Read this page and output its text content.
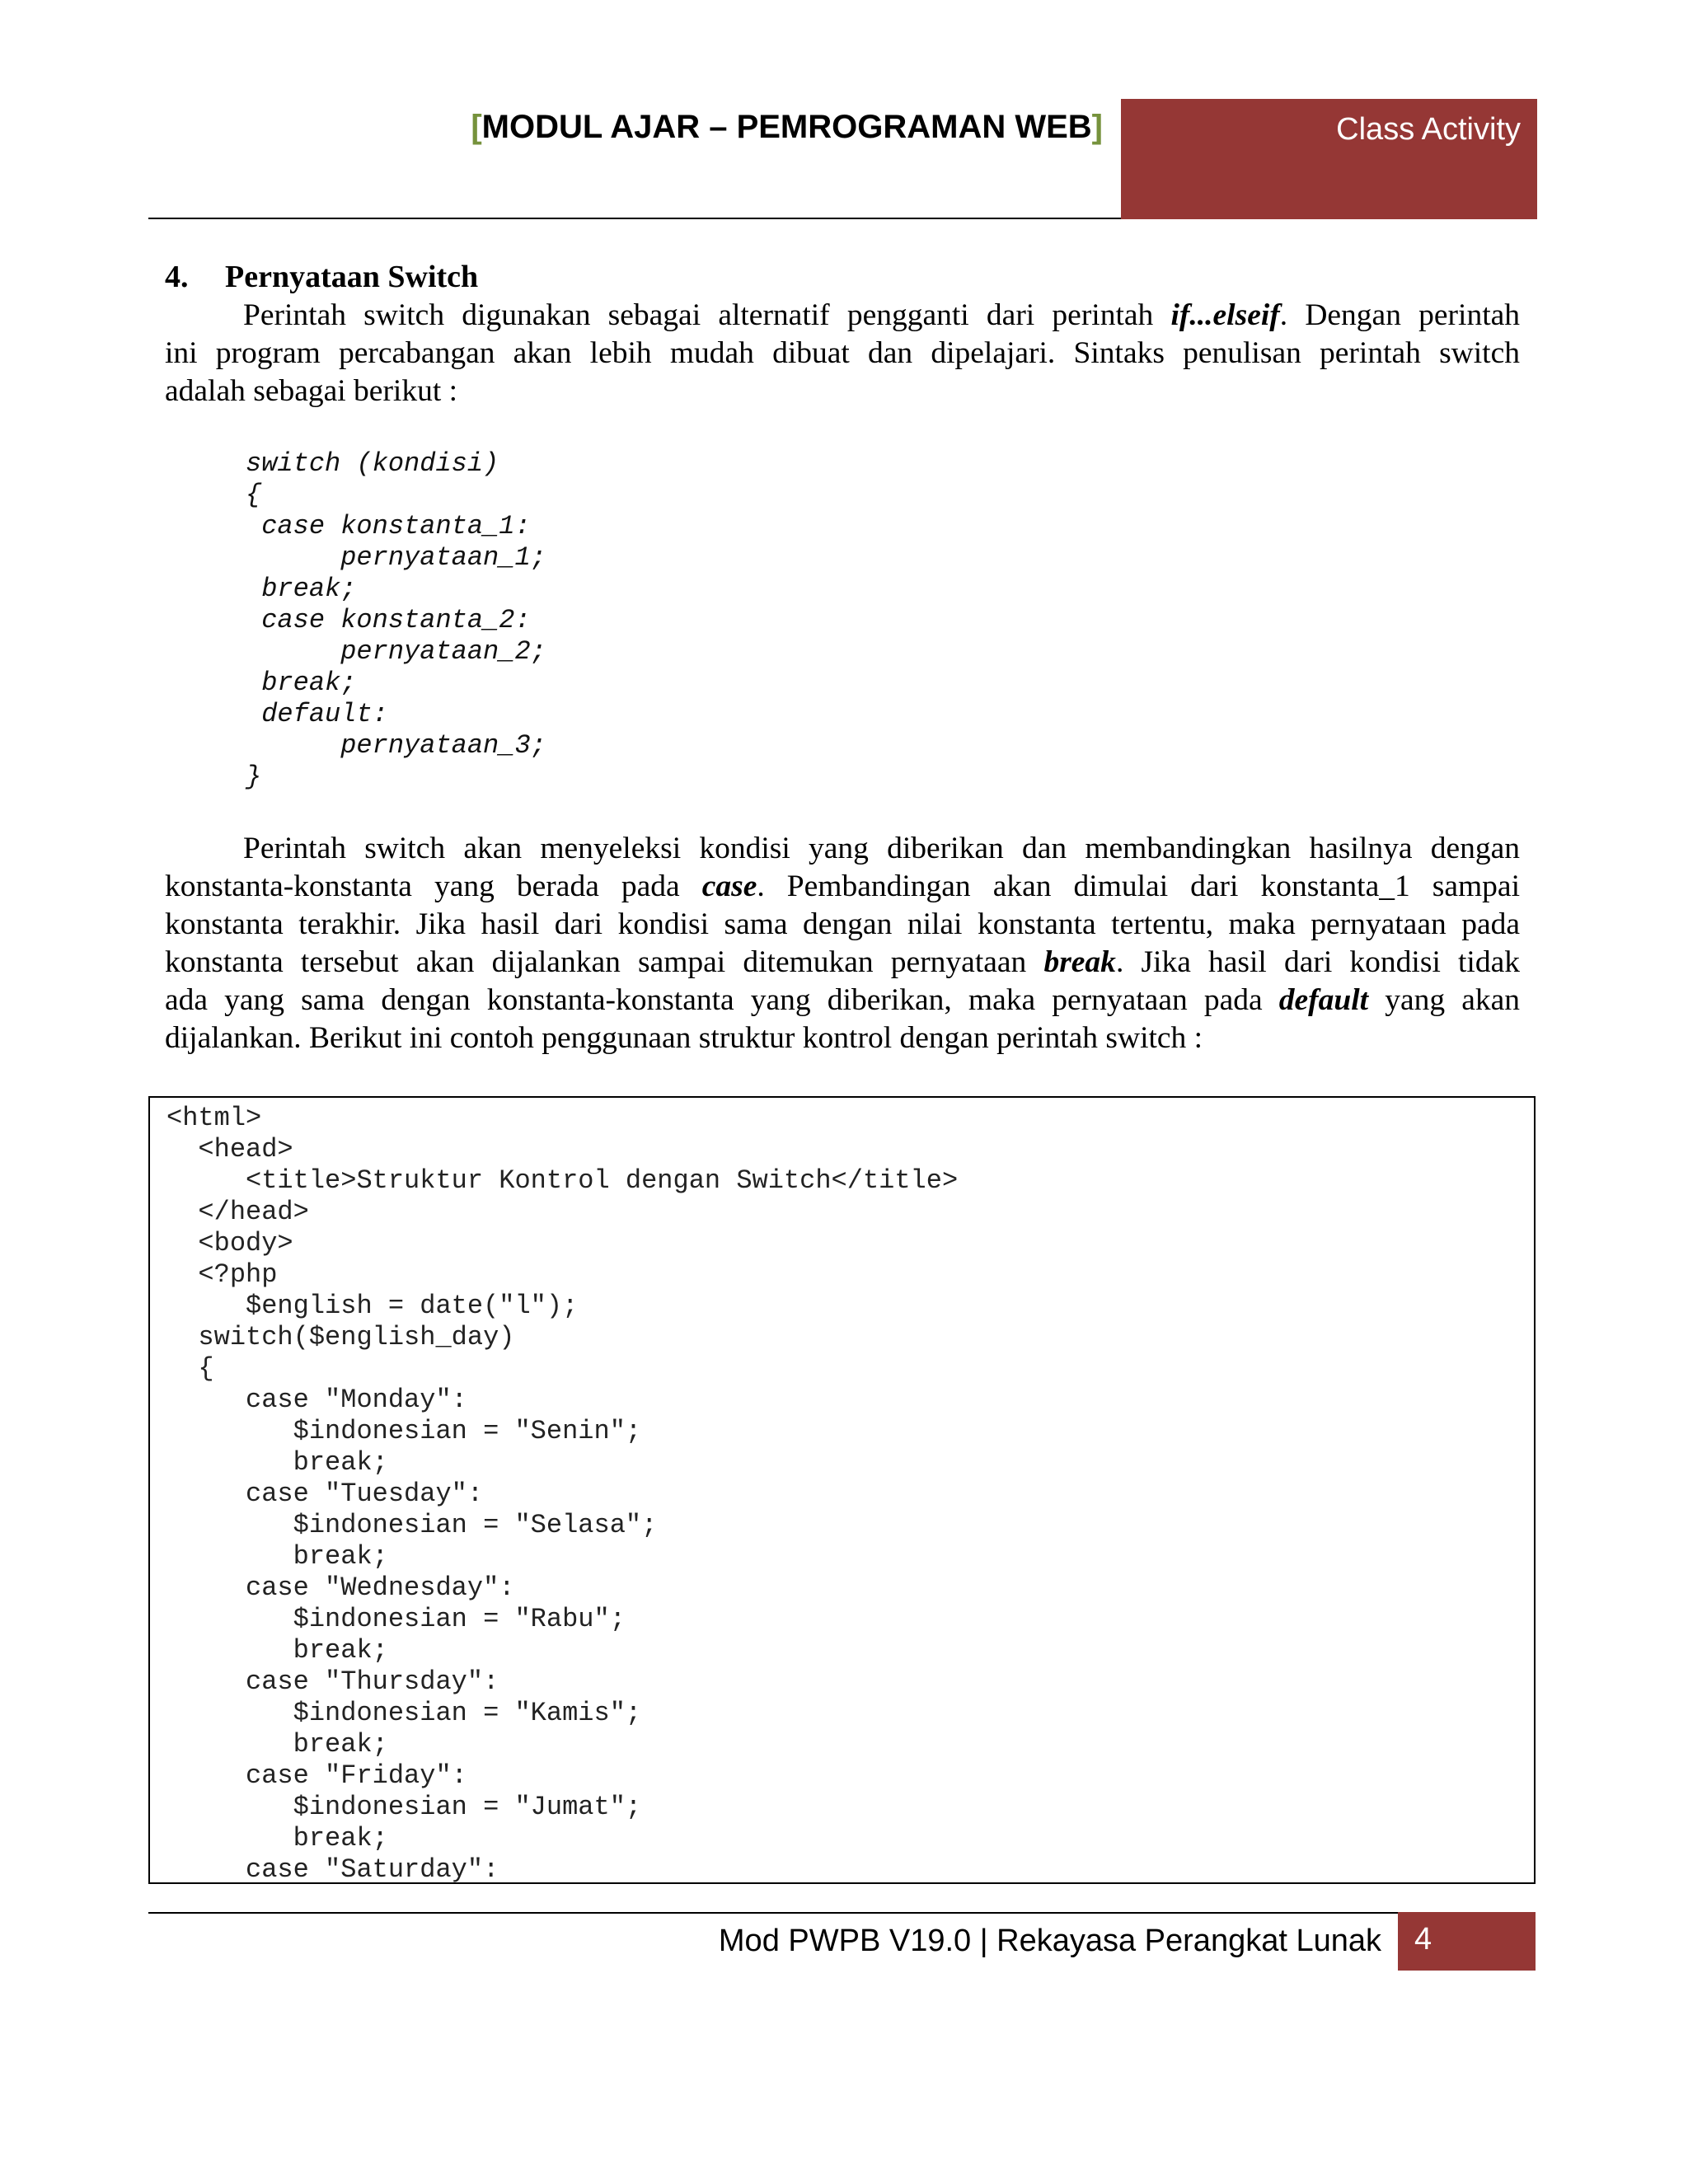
[MODUL AJAR – PEMROGRAMAN WEB]	Class Activity
4. Pernyataan Switch
Perintah switch digunakan sebagai alternatif pengganti dari perintah if...elseif. Dengan perintah
ini program percabangan akan lebih mudah dibuat dan dipelajari. Sintaks penulisan perintah switch
adalah sebagai berikut :
switch (kondisi)
{
case konstanta_1:
pernyataan_1;
break;
case konstanta_2:
pernyataan_2;
break;
default:
pernyataan_3;
}
Perintah switch akan menyeleksi kondisi yang diberikan dan membandingkan hasilnya dengan
konstanta-konstanta yang berada pada case. Pembandingan akan dimulai dari konstanta_1 sampai
konstanta terakhir. Jika hasil dari kondisi sama dengan nilai konstanta tertentu, maka pernyataan pada
konstanta tersebut akan dijalankan sampai ditemukan pernyataan break. Jika hasil dari kondisi tidak
ada yang sama dengan konstanta-konstanta yang diberikan, maka pernyataan pada default yang akan
dijalankan. Berikut ini contoh penggunaan struktur kontrol dengan perintah switch :
<html>
<head>
<title>Struktur Kontrol dengan Switch</title>
</head>
<body>
<?php
$english = date("l");
switch($english_day)
{
case "Monday":
$indonesian = "Senin";
break;
case "Tuesday":
$indonesian = "Selasa";
break;
case "Wednesday":
$indonesian = "Rabu";
break;
case "Thursday":
$indonesian = "Kamis";
break;
case "Friday":
$indonesian = "Jumat";
break;
case "Saturday":
Mod PWPB V19.0 | Rekayasa Perangkat Lunak 4
